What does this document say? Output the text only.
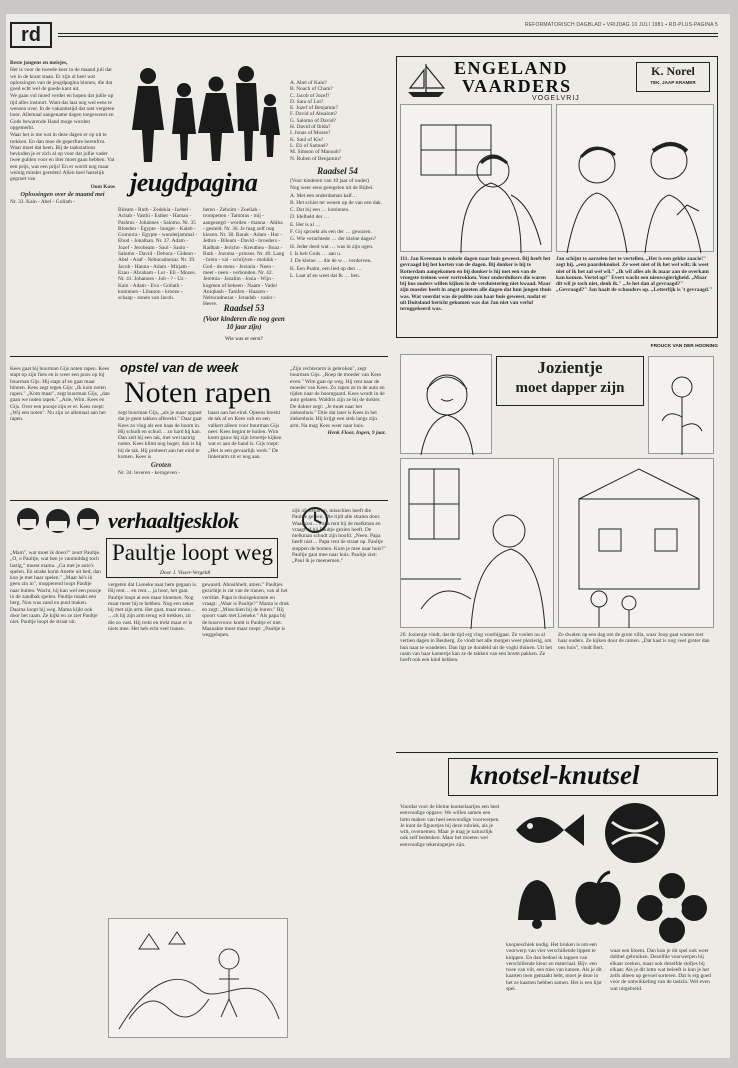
rd	REFORMATORISCH DAGBLAD ▪ VRIJDAG 10 JULI 1981 ▪ RD-PLUS-PAGINA 5

Beste jongens en meisjes,

Het is voor de tweede keer in de maand juli dat we in de krant staan. Er zijn al heel wat oplossingen van de jeugdpagina binnen, die dat goed echt wel de goede kant uit.

We gaan vol moed verder en hopen dat jullie op tijd alles instuurt. Want dat laat nog wel eens te wensen over. In de vakantietijd dat niet vergeten hoor. Allemaal aangename dagen toegewenst en Gods bewarende Hand moge worden opgemerkt.

Waar het is me wat in deze dagen er op uit te trekken. En dan moe de geperfure berenfrm. Waar moet dat heen. Bij de taakstations bevinden je er zich al op voor dat jullie vader twee gulden voor en liter moet gaan hebben. Vat een prijs, wat een prijs! En er wordt nog maar weinig minder gereden! Allen heel hartelijk gegroet van

Oom Koos

Oplossingen over de maand mei

Nr. 33. Kain - Abel - Goliath -

jeugdpagina

Bileam - Ruth - Zedekia - Izebel - Achab - Vasthi - Esther - Haman - Pashtus - Johannes - Salomo. Nr. 35 Bloeden - Egypte - honger - Kaleb - Gomorra - Egypte - wonderjammal - Ehud - Jonathan. Nr. 37. Adam - Jozef - Jerobeam - Saul - Saulo - Salomo - David - Debora - Gideon - Abel - Asaf - Nebucadnezar. Nr. 39. Jacob - Hanna - Adam - Mirjam - Ezau - Abraham - Lot - Eli - Mozes. Nr. 41. Johannes - Job - ? - Uz - Kain - Adam - Eva - Goliath - koninnen - Libanon - kroeze - schaap - zonen van Jacob.

heren - Zeboim - Zoeliah - trompetten - Tammus - mij - aangezegd - worden - manna - Abiba - gesteld. Nr. 36. Je mag zelf nog kiezen. Nr. 38. Barak - Adam - Hur - Jethro - Bileam - David - broeders - Radhab - Jericho - Kreuthea - Boaz - Ruth - Jozuma - prinses. Nr. 40. Lang - brein - val - schrijven - mohikk - God - de mens - Jezunia - Neen - meet - neen - verbonden. Nr. 42. Jeremia - Jezalim - Josia - Wijn - kogmen of bekeen - Naam - Vadel Aniqbash - Tamfen - Haazen - Nebucadnezar - Jonadab - vader - Heere. Raadsel 53
(Voor kinderen die nog geen 10 jaar zijn)
Wie was er eerst?

A. Abel of Kain?

B. Noach of Cham?

C. Jacob of Jozef?

D. Sara of Lot?

E. Jozef of Benjamin?

F. David of Absalom?

G. Salomo of David?

H. David of Ibida?

I. Jonas of Mozes?

K. Saul of Kis?

L. Eli of Samuel?

M. Simson of Manoah?

N. Ruben of Benjamin?

Raadsel 54

(Voor kinderen van 10 jaar of ouder)

Nog weer eens geregelen uit de Bijbel.

A. Met een onderdaman kalf…

B. Het schiet ter wenen op de van een dak.

C. Dat bij een … koninnen.

D. Idelheld der …

E. Het is al …

F. Gij sprookt als een der … gewaren.

G. Wie verachtede … der kleine dagen?

H. Jeder deed wat … was in zijn ogen.

I. Is heb Gods … aan u.

J. De kleine … die de w… verderven.

K. Een Psalm, een lied op den …

L. Laat af en weet dat Ik … ben.

opstel van de week
Noten rapen

Kees gaat bij buurman Gijs noten rapen. Kees stapt op zijn fiets en is weer een poos op bij buurman Gijs. Hij stapt af en gaat maar binnen. Kees zegt tegen Gijs: „Ik kom noten rapen." „Kom maar", zegt buurman Gijs, „dan gaan we noten rapen." „Arie, Wim, Kees en Gijs. Over een poosje zijn er er. Kees roept: „Wij een noten". Nu zijn ze allemaal aan het rapen.

zegt buurman Gijs, „als je maar oppast dat je geen takken afbreekt." Daar gaat Kees zo vlug als een haas de boom in. Hij schudt en schud… zo hard hij kan. Dan zeit hij een tak, met wel tazirig noten. Kees klimt nog hoger, dan is hij bij de tak. Hij probeert aan het eind te komen. Kees is

Groten

Nr. 34. leveren - kerngeven -

haast aan het eind. Opeens breekt de tak af en Kees valt en een valkert alleen voor buurman Gijs neer. Kees begint te huilen. Wim komt gauw bij zijn broertje kijken wat er aan de hand is. Gijs roept: „Het is een gevaarlijk werk." De linkerarm zit er nog aan.

„Zijn rechterarm is gebroken", zegt buurman Gijs. „Roep de moeder van Kees even." Wim gaat op weg. Hij rent naar de moeder van Kees. Zo rapen ze in de auto en rijden naar de boomgaard. Kees wordt in de auto gelaten. Waldris zijn ze bij de dokter. De dokter zegt: „Je moet naar het ziekenhuis." Drie dat later is Kees in het ziekenhuis. Hij krijgt een stok langs zijn arm. Na mag Kees weer naar huis.

Henk Floor, Ingen, 9 jaar.

verhaaltjesklok
Paultje loopt weg
Door J. Visser-Vergeldt

„Mam", wat moet ik doen?" zeurt Paultje. „O, o Paultje, wat ben je vanmiddag toch lastig," moest mama. „Ga met je auto's spelen. En straks komt Anette uit bed, dan kun je met haar spelen." „Maar hè's ik geen zin in", mopperend loopt Paultje naar buiten. Wacht, hij kan wel een poosje in de zandbak spelen. Paultje maakt een berg. Nou was zand en puut maken. Daarna loopt hij weg. Mama kijkt ook door het raam. Ze kijkt en ze ziet Paultje niet. Paultje loopt de straat uit.

vergeten dat Lieneke naar hem gegaan is. Hij rent… en rent… ja hoor, het gaat. Paultje loopt al een maar bloemen. Nog maar meer bij te hebben. Nog een zeker bij met zijn arm. Het gaat, maar mooo… …ch hij zijn arm terug wil trekken, zit die zo vast. Hij trekt en trekt maar er is niets mee. Het heb echt veel tranen.

gewaard. Abnsihhelt, amen." Paultjes gezichtje is rat van de tranen, van al het verdriet. Papa is thuisgekomen en vraagt: „Waar is Paultje?" Mama is druk en zegt: „Misschien bij de buren." Hij spoort vaak met Lieneke." Als papa bij de buurvrouw komt is Paultje er niet. Maanakte moet maar roept: „Paultje is weggelopen.

zijk of mekanan, misschien heeft die Paultje gezien. Die rijdt alle straten door. Waar zou… Papa rent bij de melkman en vraagt of hij Paultje gezien heeft. De melkman schudt zijn hoofd. „Neen. Papa heeft niet… Papa rent de straat op. Paultje stoppen de bomen. Kom je mee naar huis?" Paultje gaat mee naar huis. Paultje ziet: „Paul ik je meenemen."

ENGELAND
VAARDERS
VOGELVRIJ
K. Norel
TEK. JAAP KRAMER

111. Jan Kreeman is enkele dagen naar huis geweest. Bij heeft het gevraagd bij het korten van de dagen. Bij donker is hij te Rotterdam aangekomen en bij donker is hij met een van de vroegste treinen weer vertrokken. Voor onderduikers die waren bij bus ouders willen kijken in de verduistering niet kwaad. Maar zijn moeder heeft in angst gezeten alle dagen dat hun jongen thuis was. Wat voordat was de politie aan haar huis geweest, nadat er uit Duitsland bericht gekomen was dat Jan niet van verlof teruggekeerd was.

Jan schijnt te aarzelen het te vertellen. „Het is een gekke zaacie!" zegt hij. „een paardeknokel. Ze weet niet of ik het wel wilt; ik weet niet of ik het zal wel wil." „Ik wil alles als ik maar aan de overkant kan komen. Vertel op!" Evert wacht een nieuwsgierigheid. „Maar dit wil je toch niet, denk ik." „Je het dan al gevraagd?" „Gevraagd?" Jan haalt de schouders op. „Letterlijk is 't gevraagd."

FROUCK VAN DER HOONING
Jozientje
moet dapper zijn

26. Jozientje vindt, dat de tijd erg vlug voorbijgaat. Ze voelen nu al vertien dagen in Beuberg. Ze vindt het alle morgen weer plezierig, om hun naar te wandelen. Dan ligt ze dondeld uit de voghi tluinen. Uit het raam van haar kamertje kan ze de takken van een boom pakken. Ze hoeft ook een kind hebben.

Ze dwalen op een dag om de grote villa, waar Joop gaat wonen met haar ouders. Ze kijken door de ramen. „Dat kast is nog veel groter dan ons huis", vindt Bert.

knotsel-knutsel

Voordat voor de kleine knutselaartjes een heel eenvoudige opgave. We willen samen een lotto maken van heel eenvoudige voorwerpen. Je kunt de figuurtjes bij deze rubriek, als je wilt, overnemen. Maar je mag je natuurlijk ook zelf bedenken. Maar het moeten wel eenvoudige tekeningetjes zijn.

knopteschiek nodig. Het bruken is om een voorwerp van vier verschillende lippen te knippen. En dan bedoel ik lappen van verschillende kleur en materiaal. Bijv. een twee van vilt, een tries van katoen. Als je dit kaarten toen gemaakt hebt, moet je deze in het ze kaarten hebben samen. Het is een lijst spel.

waar een bloem. Dan kun je dit spel ook weer dubbel gebruiken. Dezelfde voorwerpen bij elkaar zoeken, maar ook dezelfde stofjes bij elkaar. Als je dit lotto wat beleeft is kun je het zelfs alleen op gevoel sorteren. Dat is erg goed voor de ontwikkeling van de tastzin. Wel even wat uitgebreid.
